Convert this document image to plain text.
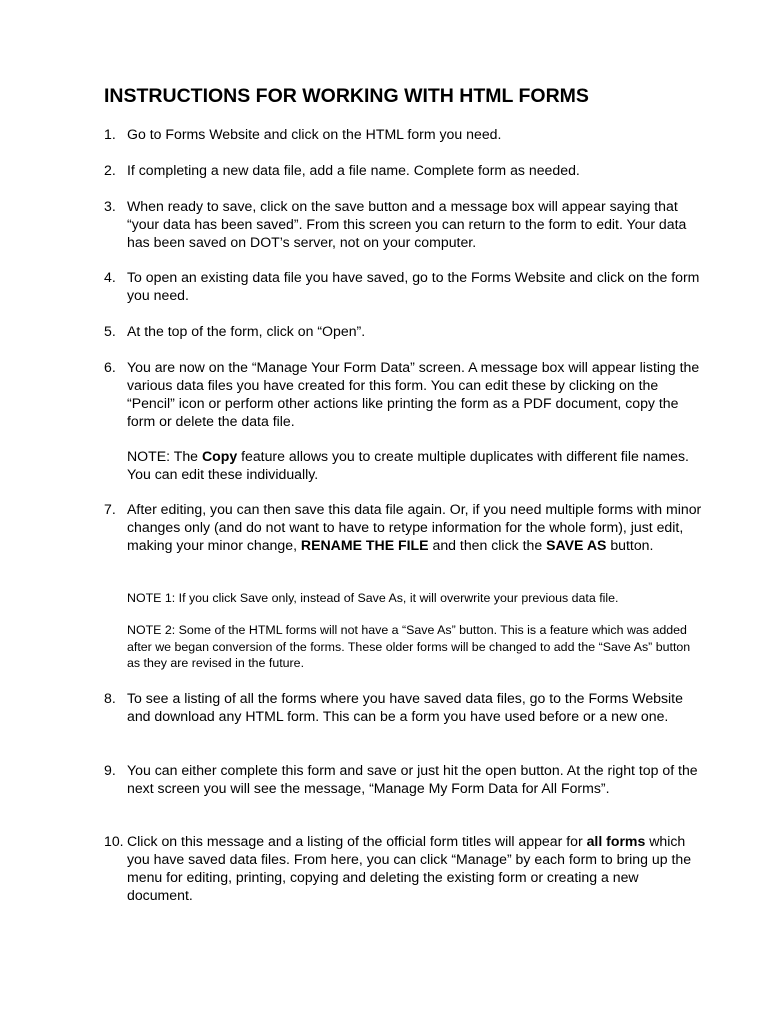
INSTRUCTIONS FOR WORKING WITH HTML FORMS
1. Go to Forms Website and click on the HTML form you need.
2. If completing a new data file, add a file name. Complete form as needed.
3. When ready to save, click on the save button and a message box will appear saying that “your data has been saved”. From this screen you can return to the form to edit. Your data has been saved on DOT’s server, not on your computer.
4. To open an existing data file you have saved, go to the Forms Website and click on the form you need.
5. At the top of the form, click on “Open”.
6. You are now on the “Manage Your Form Data” screen. A message box will appear listing the various data files you have created for this form. You can edit these by clicking on the “Pencil” icon or perform other actions like printing the form as a PDF document, copy the form or delete the data file.
NOTE: The Copy feature allows you to create multiple duplicates with different file names. You can edit these individually.
7. After editing, you can then save this data file again. Or, if you need multiple forms with minor changes only (and do not want to have to retype information for the whole form), just edit, making your minor change, RENAME THE FILE and then click the SAVE AS button.
NOTE 1: If you click Save only, instead of Save As, it will overwrite your previous data file.
NOTE 2: Some of the HTML forms will not have a “Save As” button. This is a feature which was added after we began conversion of the forms. These older forms will be changed to add the “Save As” button as they are revised in the future.
8. To see a listing of all the forms where you have saved data files, go to the Forms Website and download any HTML form. This can be a form you have used before or a new one.
9. You can either complete this form and save or just hit the open button. At the right top of the next screen you will see the message, “Manage My Form Data for All Forms”.
10. Click on this message and a listing of the official form titles will appear for all forms which you have saved data files. From here, you can click “Manage” by each form to bring up the menu for editing, printing, copying and deleting the existing form or creating a new document.
